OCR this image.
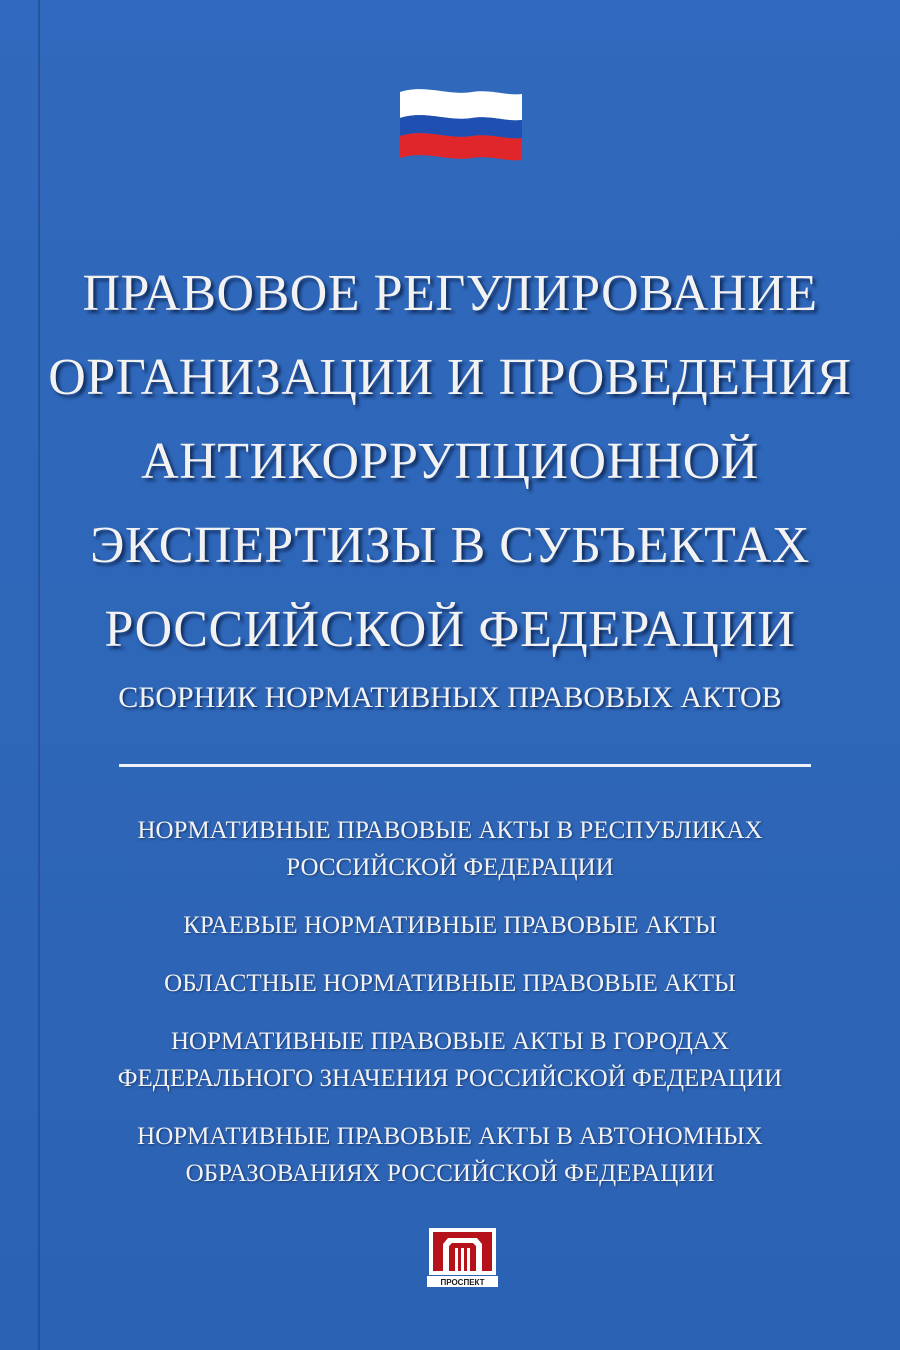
ПРАВОВОЕ РЕГУЛИРОВАНИЕ
ОРГАНИЗАЦИИ И ПРОВЕДЕНИЯ
АНТИКОРРУПЦИОННОЙ
ЭКСПЕРТИЗЫ В СУБЪЕКТАХ
РОССИЙСКОЙ ФЕДЕРАЦИИ
СБОРНИК НОРМАТИВНЫХ ПРАВОВЫХ АКТОВ
НОРМАТИВНЫЕ ПРАВОВЫЕ АКТЫ В РЕСПУБЛИКАХ
РОССИЙСКОЙ ФЕДЕРАЦИИ
КРАЕВЫЕ НОРМАТИВНЫЕ ПРАВОВЫЕ АКТЫ
ОБЛАСТНЫЕ НОРМАТИВНЫЕ ПРАВОВЫЕ АКТЫ
НОРМАТИВНЫЕ ПРАВОВЫЕ АКТЫ В ГОРОДАХ
ФЕДЕРАЛЬНОГО ЗНАЧЕНИЯ РОССИЙСКОЙ ФЕДЕРАЦИИ
НОРМАТИВНЫЕ ПРАВОВЫЕ АКТЫ В АВТОНОМНЫХ
ОБРАЗОВАНИЯХ РОССИЙСКОЙ ФЕДЕРАЦИИ
ПРОСПЕКТ
